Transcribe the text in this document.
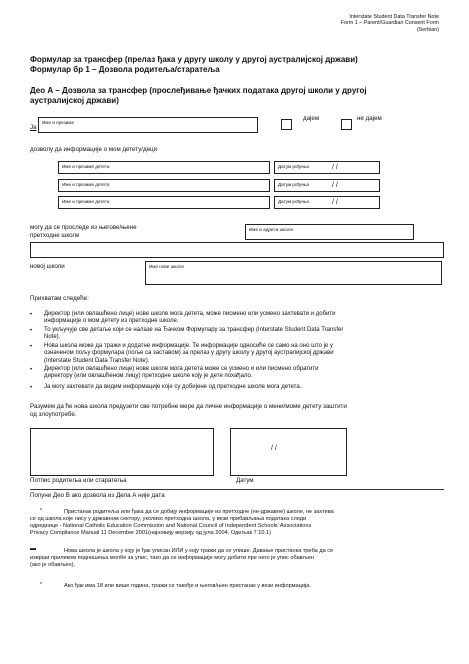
Interstate Student Data Transfer Note
Form 1 – Parent/Guardian Consent Form
(Serbian)
Формулар за трансфер (прелаз ђака у другу школу у другој аустралијској држави)
Формулар бр 1 – Дозвола родитеља/старатеља
Део А – Дозвола за трансфер (прослеђивање ђачких података другој школи у другој
аустралијској држави)
Ја
Име и презиме
дајем	не дајем
дозволу да информације о мом детету/деци
Име и презиме детета	Датум рођења	/ /
Име и презиме детета	Датум рођења	/ /
Име и презиме детета	Датум рођења	/ /
могу да се проследе из његове/њене
претходне школе
Име и адреса школе
новој школи	Име нове школе
Прихватам следеће:
• Директор (или овлашћено лице) нове школе мога детета, може писмено или усмено захтевати и добити
информације о мом детету из претходне школе.
• То укључује све детаље који се налазе на Ђачком Формулару за трансфер (Interstate Student Data Transfer
Note).
• Нова школа може да тражи и додатне информације. Те информације односиће се само на оно што је у
означеном пољу формулара (поље са заставом) за прелаз у другу школу у другој аустралијској држави
(Interstate Student Data Transfer Note).
• Директор (или овлашћено лице) нове школе мога детета може се усмено и или писмено обратити
директору (или овлашћеном лицу) претходне школе коју је дете похађало.
• Ја могу захтевати да видим информације које су добијене од претходне школе мога детета.
Разумем да ће нова школа предузети све потребне мере да личне информације о мени/моме детету заштити
од злоупотребе.
/ /
Потпис родитеља или старатеља	Датум
Попуни Део В ако дозвола из Дела А није дата
*	Пристанак родитеља или ђака да се добију информације из претходне (не-државне) школе, не захтева
се од школа које нису у државном сектору, уколико претходна школа, у вези прибављања података следи
одреднице - National Catholic Education Commission and National Council of Independent Schools' Associations
Privacy Compliance Manual 11 December 2001(најновију верзију од јула 2004, Одељак 7.10.1)
▬	Нова школа је школа у коју је ђак уписан ИЛИ у коју тражи да се упише. Давање пристанка треба да се
изврши приликом подношења молбе за упис, тако да се информације могу добити пре него је упис обављен
(ако је обављен).
*	Ако ђак има 18 или више година, тражи се такође и његов/њен пристанак у вези информација.
